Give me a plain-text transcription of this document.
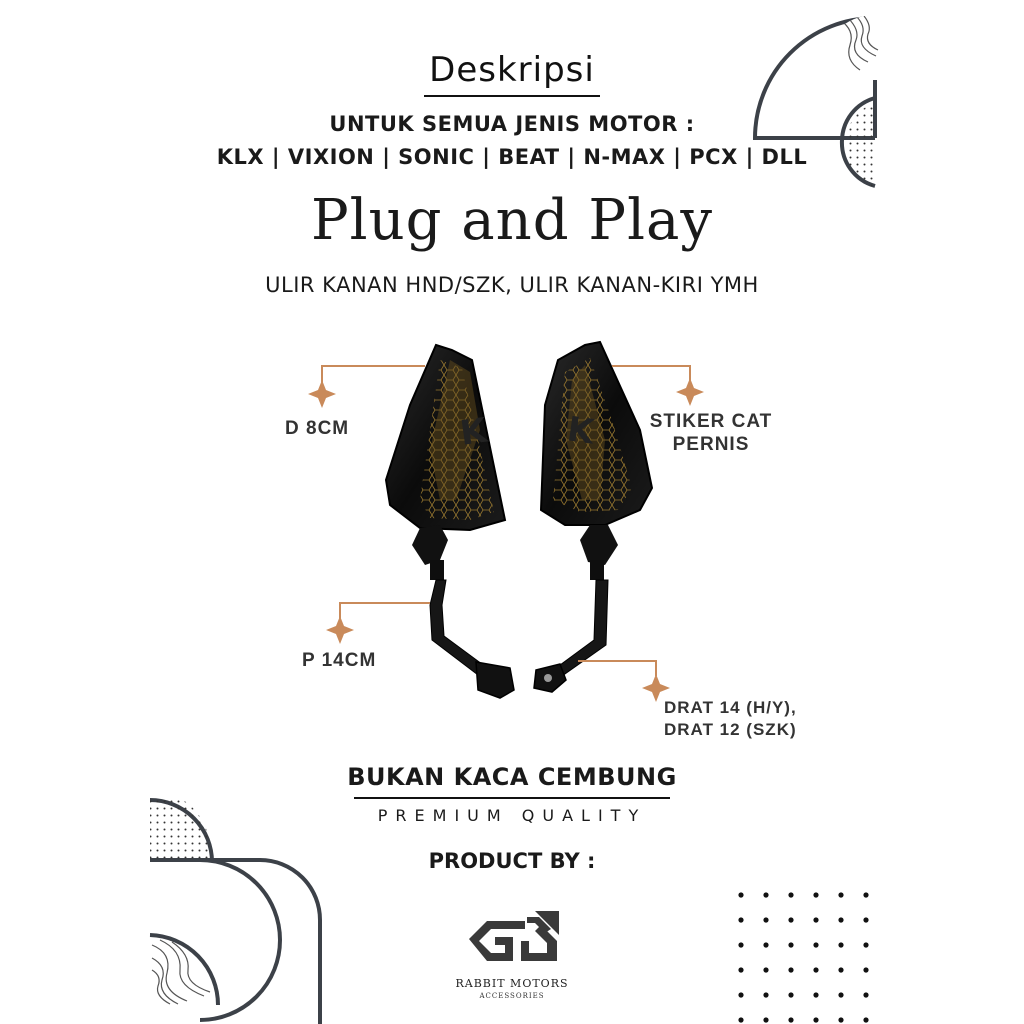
Deskripsi
UNTUK SEMUA JENIS MOTOR :
KLX | VIXION | SONIC | BEAT | N-MAX | PCX | DLL
Plug and Play
ULIR KANAN HND/SZK, ULIR KANAN-KIRI YMH
K K
D 8CM	STIKER CAT PERNIS
P 14CM
DRAT 14 (H/Y),
DRAT 12 (SZK)
BUKAN KACA CEMBUNG
PREMIUM QUALITY
PRODUCT BY :
RABBIT MOTORS
ACCESSORIES
